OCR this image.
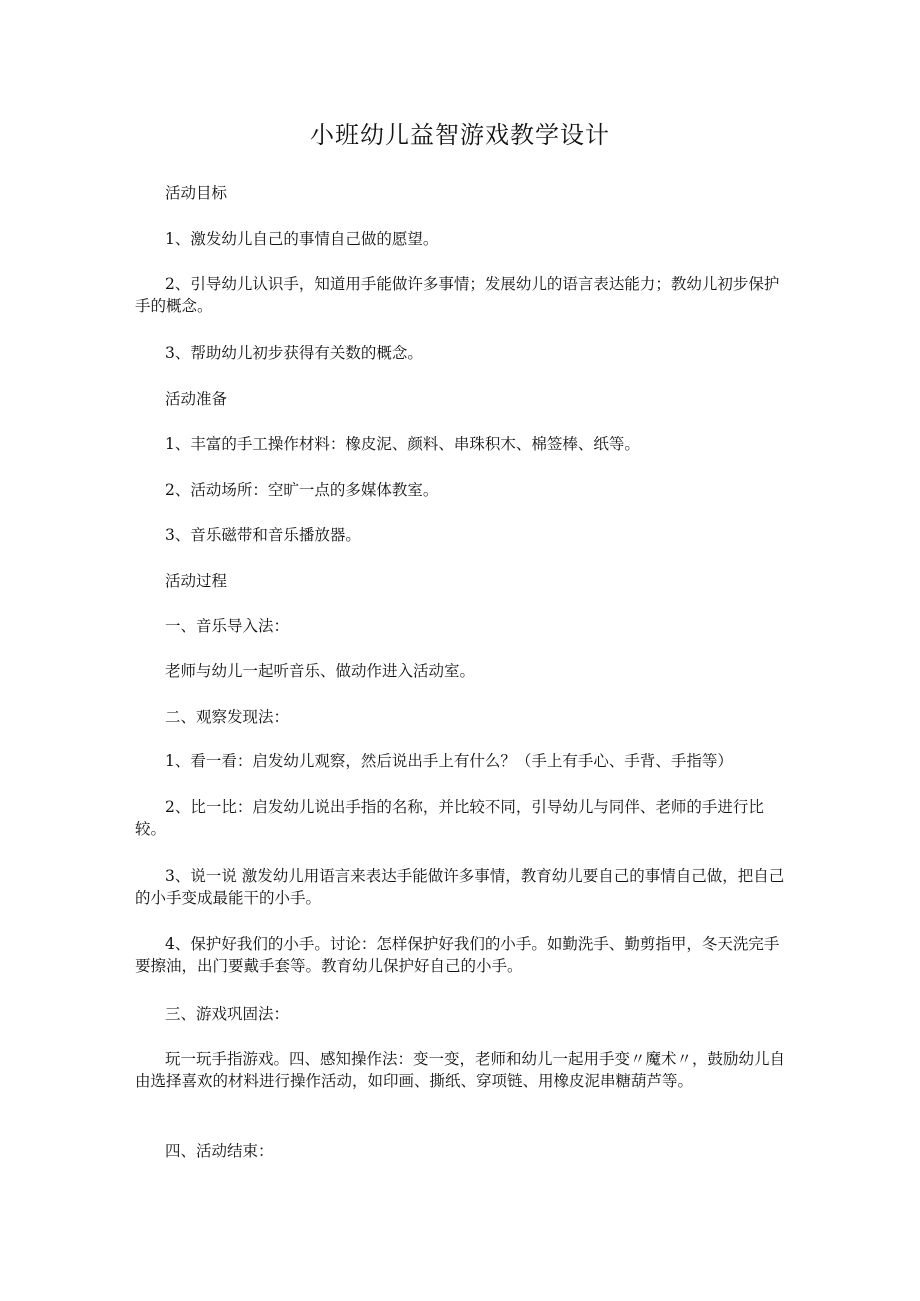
小班幼儿益智游戏教学设计

活动目标

1、激发幼儿自己的事情自己做的愿望。

2、引导幼儿认识手，知道用手能做许多事情；发展幼儿的语言表达能力；教幼儿初步保护手的概念。

3、帮助幼儿初步获得有关数的概念。

活动准备

1、丰富的手工操作材料：橡皮泥、颜料、串珠积木、棉签棒、纸等。

2、活动场所：空旷一点的多媒体教室。

3、音乐磁带和音乐播放器。

活动过程

一、音乐导入法：

老师与幼儿一起听音乐、做动作进入活动室。

二、观察发现法：

1、看一看：启发幼儿观察，然后说出手上有什么？（手上有手心、手背、手指等）

2、比一比：启发幼儿说出手指的名称，并比较不同，引导幼儿与同伴、老师的手进行比较。

3、说一说 激发幼儿用语言来表达手能做许多事情，教育幼儿要自己的事情自己做，把自己的小手变成最能干的小手。

4、保护好我们的小手。讨论：怎样保护好我们的小手。如勤洗手、勤剪指甲，冬天洗完手要擦油，出门要戴手套等。教育幼儿保护好自己的小手。

三、游戏巩固法：

玩一玩手指游戏。四、感知操作法：变一变，老师和幼儿一起用手变〃魔术〃，鼓励幼儿自由选择喜欢的材料进行操作活动，如印画、撕纸、穿项链、用橡皮泥串糖葫芦等。

四、活动结束：
